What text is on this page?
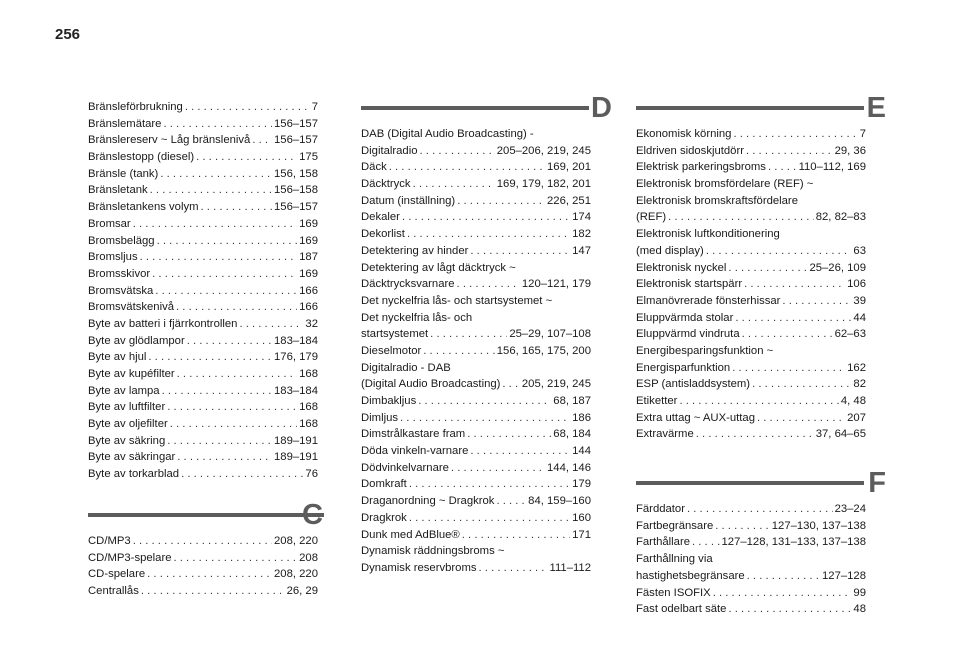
256
Bränsleförbrukning . . .	7
Bränslemätare . . .	156–157
Bränslereserv ~ Låg bränslenivå . . . 156–157
Bränslestopp (diesel) . . .	175
Bränsle (tank) . . .	156, 158
Bränsletank . . .	156–158
Bränsletankens volym . . .	156–157
Bromsar . . .	169
Bromsbelägg . . .	169
Bromsljus . . .	187
Bromsskivor . . .	169
Bromsvätska . . .	166
Bromsvätskenivå . . .	166
Byte av batteri i fjärrkontrollen . . .	32
Byte av glödlampor . . .	183–184
Byte av hjul . . .	176, 179
Byte av kupéfilter . . .	168
Byte av lampa . . .	183–184
Byte av luftfilter . . .	168
Byte av oljefilter . . .	168
Byte av säkring . . .	189–191
Byte av säkringar . . .	189–191
Byte av torkarblad . . .	76
C
CD/MP3 . . .	208, 220
CD/MP3-spelare . . .	208
CD-spelare . . .	208, 220
Centrallås . . .	26, 29
D
DAB (Digital Audio Broadcasting) -
Digitalradio . . .	205–206, 219, 245
Däck . . .	169, 201
Däcktryck . . .	169, 179, 182, 201
Datum (inställning) . . .	226, 251
Dekaler . . .	174
Dekorlist . . .	182
Detektering av hinder . . .	147
Detektering av lågt däcktryck ~
Däcktrycksvarnare . . .	120–121, 179
Det nyckelfria lås- och startsystemet ~
Det nyckelfria lås- och
startsystemet . . .	25–29, 107–108
Dieselmotor . . .	156, 165, 175, 200
Digitalradio - DAB
(Digital Audio Broadcasting) . . . 205, 219, 245
Dimbakljus . . .	68, 187
Dimljus . . .	186
Dimstrålkastare fram . . .	68, 184
Döda vinkeln-varnare . . .	144
Dödvinkelvarnare . . .	144, 146
Domkraft . . .	179
Draganordning ~ Dragkrok . . .	84, 159–160
Dragkrok . . .	160
Dunk med AdBlue® . . .	171
Dynamisk räddningsbroms ~
Dynamisk reservbroms . . .	111–112
E
Ekonomisk körning . . .	7
Eldriven sidoskjutdörr . . .	29, 36
Elektrisk parkeringsbroms . . .	110–112, 169
Elektronisk bromsfördelare (REF) ~
Elektronisk bromskraftsfördelare
(REF) . . .	82, 82–83
Elektronisk luftkonditionering
(med display) . . .	63
Elektronisk nyckel . . .	25–26, 109
Elektronisk startspärr . . .	106
Elmanövrerade fönsterhissar . . .	39
Eluppvärmda stolar . . .	44
Eluppvärmd vindruta . . .	62–63
Energibesparingsfunktion ~
Energisparfunktion . . .	162
ESP (antisladdsystem) . . .	82
Etiketter . . .	4, 48
Extra uttag ~ AUX-uttag . . .	207
Extravärme . . .	37, 64–65
F
Färddator . . .	23–24
Fartbegränsare . . .	127–130, 137–138
Farthållare . . .	127–128, 131–133, 137–138
Farthållning via
hastighetsbegränsare . . .	127–128
Fästen ISOFIX . . .	99
Fast odelbart säte . . .	48
